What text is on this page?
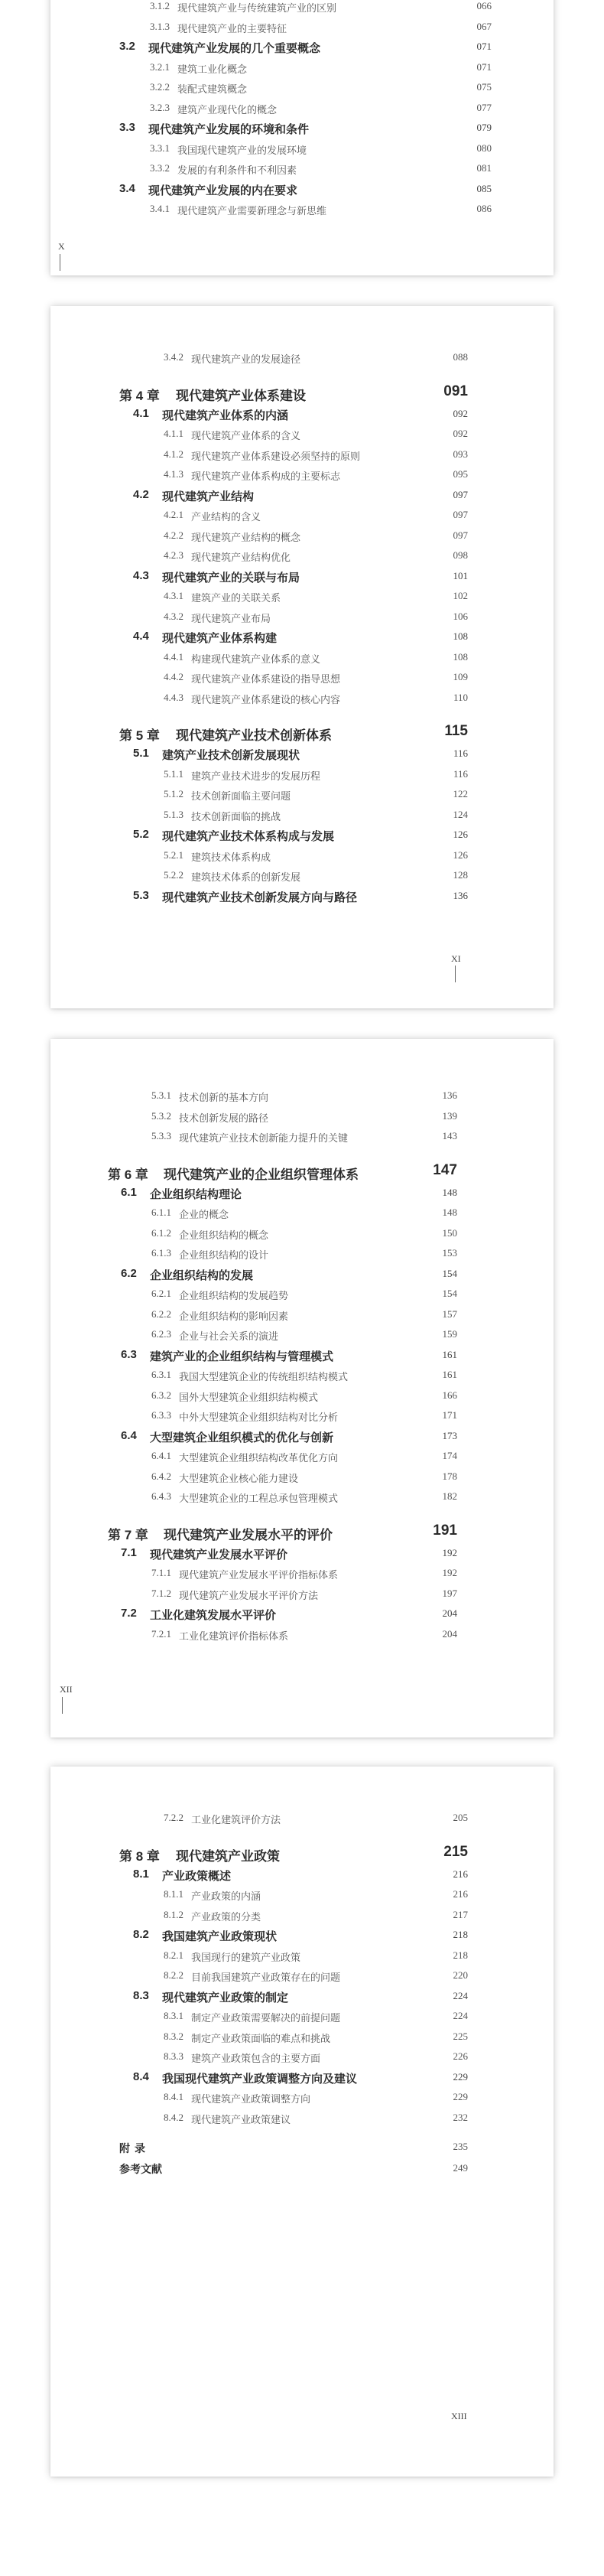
3.1.2 现代建筑产业与传统建筑产业的区别	066
3.1.3 现代建筑产业的主要特征	067
3.2 现代建筑产业发展的几个重要概念	071
3.2.1 建筑工业化概念	071
3.2.2 装配式建筑概念	075
3.2.3 建筑产业现代化的概念	077
3.3 现代建筑产业发展的环境和条件	079
3.3.1 我国现代建筑产业的发展环境	080
3.3.2 发展的有利条件和不利因素	081
3.4 现代建筑产业发展的内在要求	085
3.4.1 现代建筑产业需要新理念与新思维	086
X
3.4.2 现代建筑产业的发展途径	088
第 4 章 现代建筑产业体系建设	091
4.1 现代建筑产业体系的内涵	092
4.1.1 现代建筑产业体系的含义	092
4.1.2 现代建筑产业体系建设必须坚持的原则	093
4.1.3 现代建筑产业体系构成的主要标志	095
4.2 现代建筑产业结构	097
4.2.1 产业结构的含义	097
4.2.2 现代建筑产业结构的概念	097
4.2.3 现代建筑产业结构优化	098
4.3 现代建筑产业的关联与布局	101
4.3.1 建筑产业的关联关系	102
4.3.2 现代建筑产业布局	106
4.4 现代建筑产业体系构建	108
4.4.1 构建现代建筑产业体系的意义	108
4.4.2 现代建筑产业体系建设的指导思想	109
4.4.3 现代建筑产业体系建设的核心内容	110
第 5 章 现代建筑产业技术创新体系	115
5.1 建筑产业技术创新发展现状	116
5.1.1 建筑产业技术进步的发展历程	116
5.1.2 技术创新面临主要问题	122
5.1.3 技术创新面临的挑战	124
5.2 现代建筑产业技术体系构成与发展	126
5.2.1 建筑技术体系构成	126
5.2.2 建筑技术体系的创新发展	128
5.3 现代建筑产业技术创新发展方向与路径	136
XI
5.3.1 技术创新的基本方向	136
5.3.2 技术创新发展的路径	139
5.3.3 现代建筑产业技术创新能力提升的关键	143
第 6 章 现代建筑产业的企业组织管理体系	147
6.1 企业组织结构理论	148
6.1.1 企业的概念	148
6.1.2 企业组织结构的概念	150
6.1.3 企业组织结构的设计	153
6.2 企业组织结构的发展	154
6.2.1 企业组织结构的发展趋势	154
6.2.2 企业组织结构的影响因素	157
6.2.3 企业与社会关系的演进	159
6.3 建筑产业的企业组织结构与管理模式	161
6.3.1 我国大型建筑企业的传统组织结构模式	161
6.3.2 国外大型建筑企业组织结构模式	166
6.3.3 中外大型建筑企业组织结构对比分析	171
6.4 大型建筑企业组织模式的优化与创新	173
6.4.1 大型建筑企业组织结构改革优化方向	174
6.4.2 大型建筑企业核心能力建设	178
6.4.3 大型建筑企业的工程总承包管理模式	182
第 7 章 现代建筑产业发展水平的评价	191
7.1 现代建筑产业发展水平评价	192
7.1.1 现代建筑产业发展水平评价指标体系	192
7.1.2 现代建筑产业发展水平评价方法	197
7.2 工业化建筑发展水平评价	204
7.2.1 工业化建筑评价指标体系	204
XII
7.2.2 工业化建筑评价方法	205
第 8 章 现代建筑产业政策	215
8.1 产业政策概述	216
8.1.1 产业政策的内涵	216
8.1.2 产业政策的分类	217
8.2 我国建筑产业政策现状	218
8.2.1 我国现行的建筑产业政策	218
8.2.2 目前我国建筑产业政策存在的问题	220
8.3 现代建筑产业政策的制定	224
8.3.1 制定产业政策需要解决的前提问题	224
8.3.2 制定产业政策面临的难点和挑战	225
8.3.3 建筑产业政策包含的主要方面	226
8.4 我国现代建筑产业政策调整方向及建议	229
8.4.1 现代建筑产业政策调整方向	229
8.4.2 现代建筑产业政策建议	232
附录	235
参考文献	249
XIII
